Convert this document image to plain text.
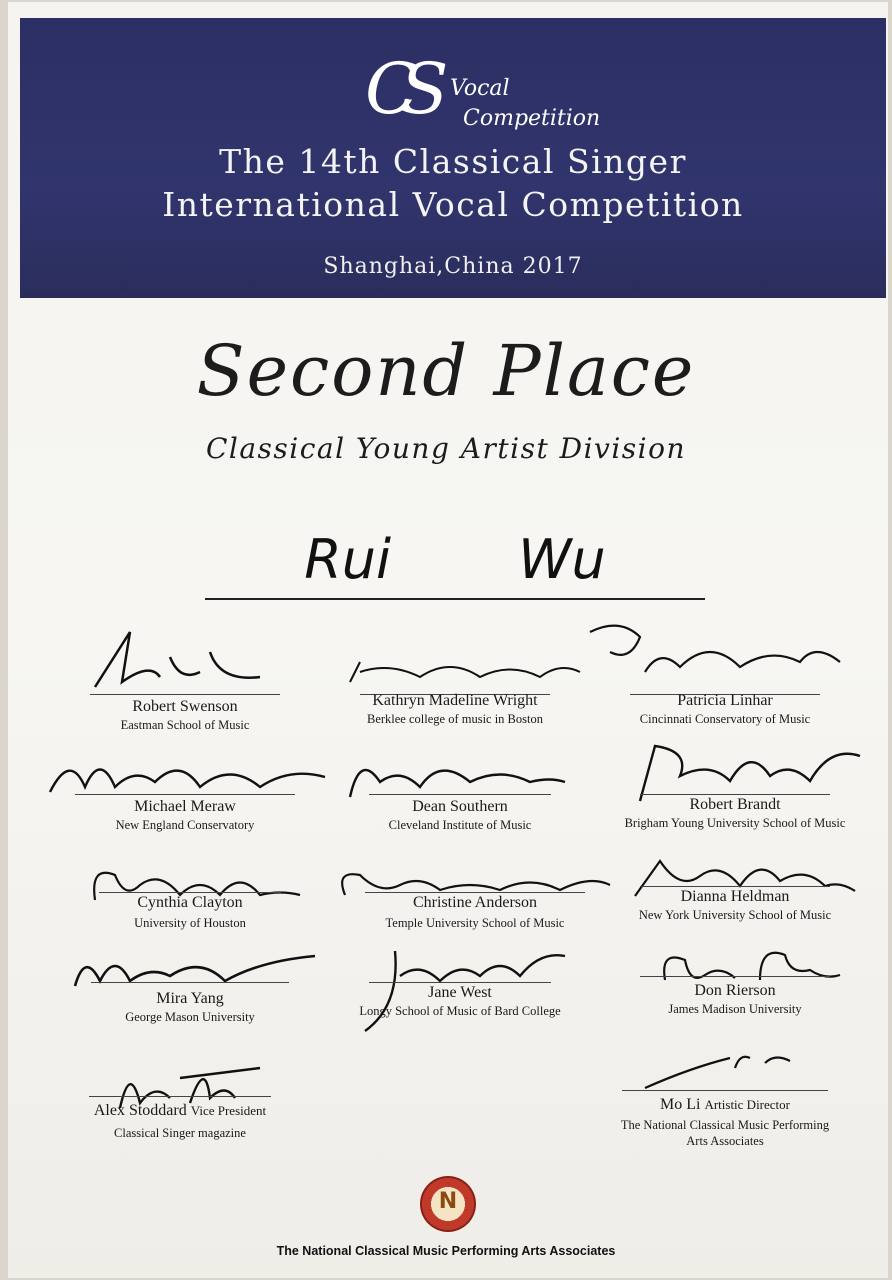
CS Vocal
Competition
The 14th Classical Singer
International Vocal Competition
Shanghai,China 2017
Second Place
Classical Young Artist Division
Rui Wu
Robert Swenson
Eastman School of Music
Kathryn Madeline Wright
Berklee college of music in Boston
Patricia Linhar
Cincinnati Conservatory of Music
Michael Meraw
New England Conservatory
Dean Southern
Cleveland Institute of Music
Robert Brandt
Brigham Young University School of Music
Cynthia Clayton
University of Houston
Christine Anderson
Temple University School of Music
Dianna Heldman
New York University School of Music
Mira Yang
George Mason University
Jane West
Longy School of Music of Bard College
Don Rierson
James Madison University
Alex Stoddard Vice President
Classical Singer magazine
Mo Li Artistic Director
The National Classical Music Performing
Arts Associates
N
The National Classical Music Performing Arts Associates
